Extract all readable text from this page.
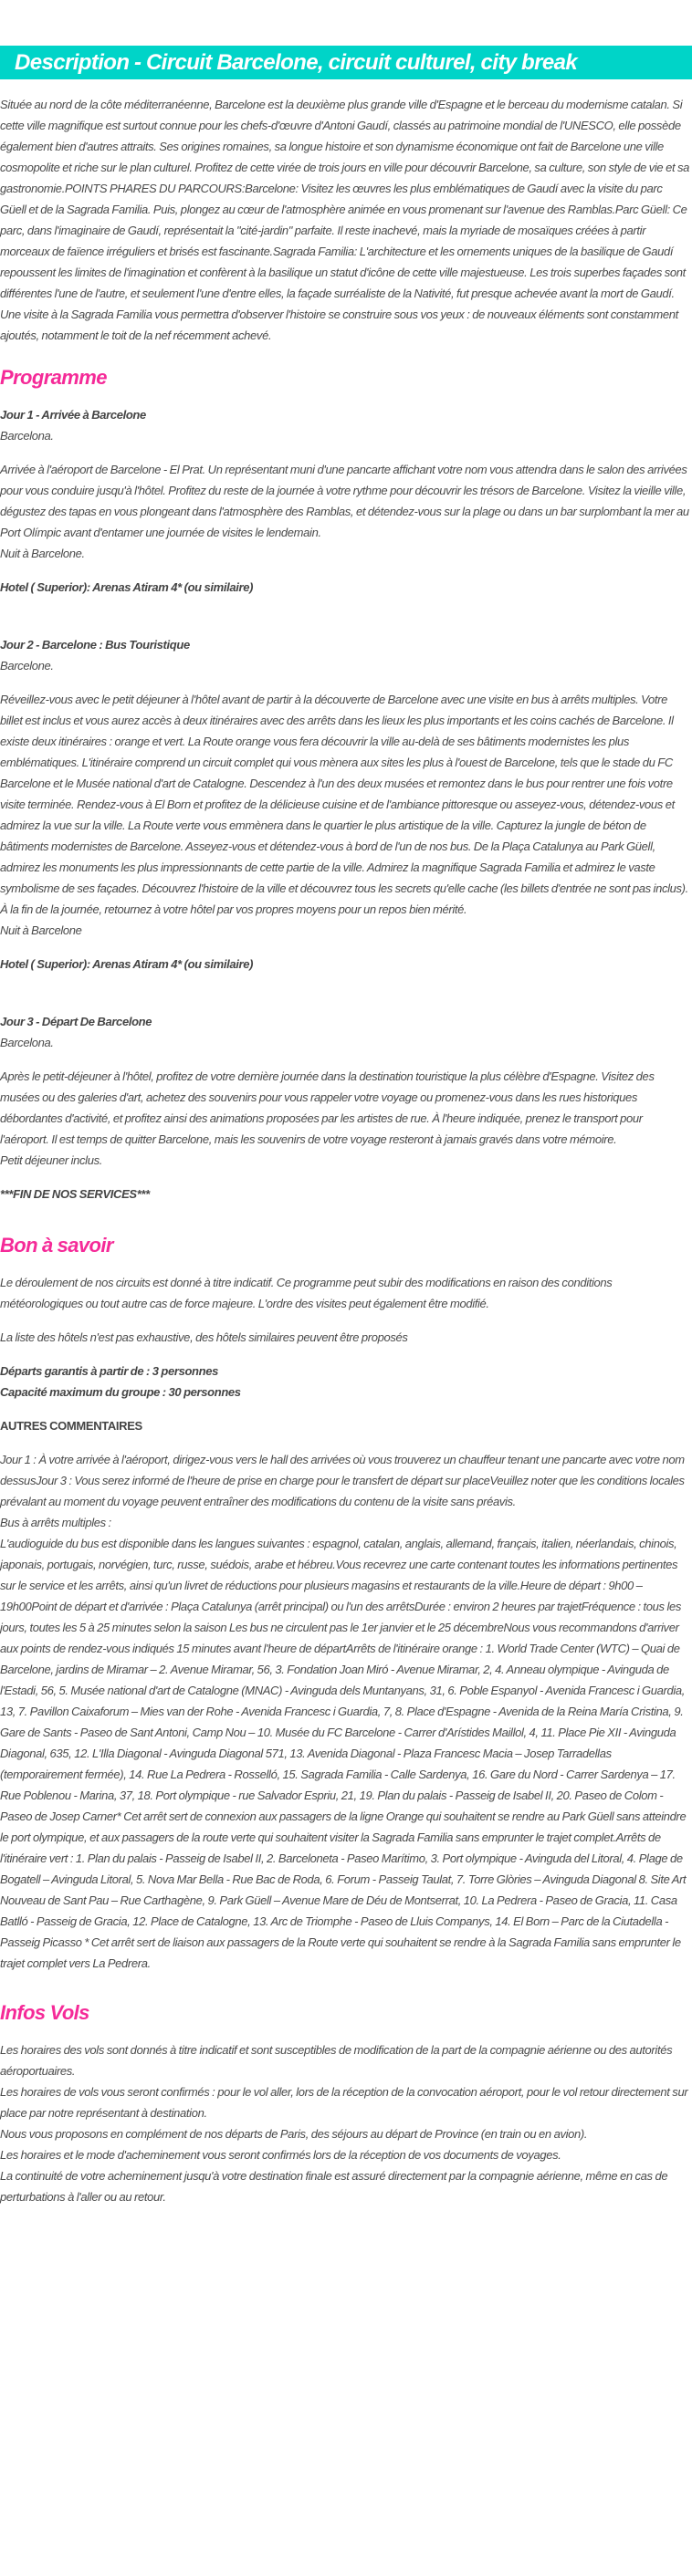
Description - Circuit Barcelone, circuit culturel, city break

Située au nord de la côte méditerranéenne, Barcelone est la deuxième plus grande ville d'Espagne et le berceau du modernisme catalan. Si cette ville magnifique est surtout connue pour les chefs-d'œuvre d'Antoni Gaudí, classés au patrimoine mondial de l'UNESCO, elle possède également bien d'autres attraits. Ses origines romaines, sa longue histoire et son dynamisme économique ont fait de Barcelone une ville cosmopolite et riche sur le plan culturel. Profitez de cette virée de trois jours en ville pour découvrir Barcelone, sa culture, son style de vie et sa gastronomie.POINTS PHARES DU PARCOURS:Barcelone: Visitez les œuvres les plus emblématiques de Gaudí avec la visite du parc Güell et de la Sagrada Familia. Puis, plongez au cœur de l'atmosphère animée en vous promenant sur l'avenue des Ramblas.Parc Güell: Ce parc, dans l'imaginaire de Gaudí, représentait la "cité-jardin" parfaite. Il reste inachevé, mais la myriade de mosaïques créées à partir morceaux de faïence irréguliers et brisés est fascinante.Sagrada Familia: L'architecture et les ornements uniques de la basilique de Gaudí repoussent les limites de l'imagination et confèrent à la basilique un statut d'icône de cette ville majestueuse. Les trois superbes façades sont différentes l'une de l'autre, et seulement l'une d'entre elles, la façade surréaliste de la Nativité, fut presque achevée avant la mort de Gaudí. Une visite à la Sagrada Familia vous permettra d'observer l'histoire se construire sous vos yeux : de nouveaux éléments sont constamment ajoutés, notamment le toit de la nef récemment achevé.

Programme

Jour 1 - Arrivée à Barcelone

Barcelona.

Arrivée à l'aéroport de Barcelone - El Prat. Un représentant muni d'une pancarte affichant votre nom vous attendra dans le salon des arrivées pour vous conduire jusqu'à l'hôtel. Profitez du reste de la journée à votre rythme pour découvrir les trésors de Barcelone. Visitez la vieille ville, dégustez des tapas en vous plongeant dans l'atmosphère des Ramblas, et détendez-vous sur la plage ou dans un bar surplombant la mer au Port Olímpic avant d'entamer une journée de visites le lendemain.

Nuit à Barcelone.

Hotel ( Superior): Arenas Atiram 4* (ou similaire)

Jour 2 - Barcelone : Bus Touristique

Barcelone.

Réveillez-vous avec le petit déjeuner à l'hôtel avant de partir à la découverte de Barcelone avec une visite en bus à arrêts multiples. Votre billet est inclus et vous aurez accès à deux itinéraires avec des arrêts dans les lieux les plus importants et les coins cachés de Barcelone. Il existe deux itinéraires : orange et vert. La Route orange vous fera découvrir la ville au-delà de ses bâtiments modernistes les plus emblématiques. L'itinéraire comprend un circuit complet qui vous mènera aux sites les plus à l'ouest de Barcelone, tels que le stade du FC Barcelone et le Musée national d'art de Catalogne. Descendez à l'un des deux musées et remontez dans le bus pour rentrer une fois votre visite terminée. Rendez-vous à El Born et profitez de la délicieuse cuisine et de l'ambiance pittoresque ou asseyez-vous, détendez-vous et admirez la vue sur la ville. La Route verte vous emmènera dans le quartier le plus artistique de la ville. Capturez la jungle de béton de bâtiments modernistes de Barcelone. Asseyez-vous et détendez-vous à bord de l'un de nos bus. De la Plaça Catalunya au Park Güell, admirez les monuments les plus impressionnants de cette partie de la ville. Admirez la magnifique Sagrada Familia et admirez le vaste symbolisme de ses façades. Découvrez l'histoire de la ville et découvrez tous les secrets qu'elle cache (les billets d'entrée ne sont pas inclus). À la fin de la journée, retournez à votre hôtel par vos propres moyens pour un repos bien mérité.

Nuit à Barcelone

Hotel ( Superior): Arenas Atiram 4* (ou similaire)

Jour 3 - Départ De Barcelone

Barcelona.

Après le petit-déjeuner à l'hôtel, profitez de votre dernière journée dans la destination touristique la plus célèbre d'Espagne. Visitez des musées ou des galeries d'art, achetez des souvenirs pour vous rappeler votre voyage ou promenez-vous dans les rues historiques débordantes d'activité, et profitez ainsi des animations proposées par les artistes de rue. À l'heure indiquée, prenez le transport pour l'aéroport. Il est temps de quitter Barcelone, mais les souvenirs de votre voyage resteront à jamais gravés dans votre mémoire.

Petit déjeuner inclus.

***FIN DE NOS SERVICES***

Bon à savoir

Le déroulement de nos circuits est donné à titre indicatif. Ce programme peut subir des modifications en raison des conditions météorologiques ou tout autre cas de force majeure. L'ordre des visites peut également être modifié.

La liste des hôtels n'est pas exhaustive, des hôtels similaires peuvent être proposés

Départs garantis à partir de : 3 personnes

Capacité maximum du groupe : 30 personnes

AUTRES COMMENTAIRES

Jour 1 : À votre arrivée à l'aéroport, dirigez-vous vers le hall des arrivées où vous trouverez un chauffeur tenant une pancarte avec votre nom dessusJour 3 : Vous serez informé de l'heure de prise en charge pour le transfert de départ sur placeVeuillez noter que les conditions locales prévalant au moment du voyage peuvent entraîner des modifications du contenu de la visite sans préavis.

Bus à arrêts multiples :

L'audioguide du bus est disponible dans les langues suivantes : espagnol, catalan, anglais, allemand, français, italien, néerlandais, chinois, japonais, portugais, norvégien, turc, russe, suédois, arabe et hébreu.Vous recevrez une carte contenant toutes les informations pertinentes sur le service et les arrêts, ainsi qu'un livret de réductions pour plusieurs magasins et restaurants de la ville.Heure de départ : 9h00 – 19h00Point de départ et d'arrivée : Plaça Catalunya (arrêt principal) ou l'un des arrêtsDurée : environ 2 heures par trajetFréquence : tous les jours, toutes les 5 à 25 minutes selon la saison Les bus ne circulent pas le 1er janvier et le 25 décembreNous vous recommandons d'arriver aux points de rendez-vous indiqués 15 minutes avant l'heure de départArrêts de l'itinéraire orange : 1. World Trade Center (WTC) – Quai de Barcelone, jardins de Miramar – 2. Avenue Miramar, 56, 3. Fondation Joan Miró - Avenue Miramar, 2, 4. Anneau olympique - Avinguda de l'Estadi, 56, 5. Musée national d'art de Catalogne (MNAC) - Avinguda dels Muntanyans, 31, 6. Poble Espanyol - Avenida Francesc i Guardia, 13, 7. Pavillon Caixaforum – Mies van der Rohe - Avenida Francesc i Guardia, 7, 8. Place d'Espagne - Avenida de la Reina María Cristina, 9. Gare de Sants - Paseo de Sant Antoni, Camp Nou – 10. Musée du FC Barcelone - Carrer d'Arístides Maillol, 4, 11. Place Pie XII - Avinguda Diagonal, 635, 12. L'Illa Diagonal - Avinguda Diagonal 571, 13. Avenida Diagonal - Plaza Francesc Macia – Josep Tarradellas (temporairement fermée), 14. Rue La Pedrera - Rosselló, 15. Sagrada Familia - Calle Sardenya, 16. Gare du Nord - Carrer Sardenya – 17. Rue Poblenou - Marina, 37, 18. Port olympique - rue Salvador Espriu, 21, 19. Plan du palais - Passeig de Isabel II, 20. Paseo de Colom - Paseo de Josep Carner* Cet arrêt sert de connexion aux passagers de la ligne Orange qui souhaitent se rendre au Park Güell sans atteindre le port olympique, et aux passagers de la route verte qui souhaitent visiter la Sagrada Familia sans emprunter le trajet complet.Arrêts de l'itinéraire vert : 1. Plan du palais - Passeig de Isabel II, 2. Barceloneta - Paseo Marítimo, 3. Port olympique - Avinguda del Litoral, 4. Plage de Bogatell – Avinguda Litoral, 5. Nova Mar Bella - Rue Bac de Roda, 6. Forum - Passeig Taulat, 7. Torre Glòries – Avinguda Diagonal 8. Site Art Nouveau de Sant Pau – Rue Carthagène, 9. Park Güell – Avenue Mare de Déu de Montserrat, 10. La Pedrera - Paseo de Gracia, 11. Casa Batlló - Passeig de Gracia, 12. Place de Catalogne, 13. Arc de Triomphe - Paseo de Lluis Companys, 14. El Born – Parc de la Ciutadella - Passeig Picasso * Cet arrêt sert de liaison aux passagers de la Route verte qui souhaitent se rendre à la Sagrada Familia sans emprunter le trajet complet vers La Pedrera.

Infos Vols

Les horaires des vols sont donnés à titre indicatif et sont susceptibles de modification de la part de la compagnie aérienne ou des autorités aéroportuaires.

Les horaires de vols vous seront confirmés : pour le vol aller, lors de la réception de la convocation aéroport, pour le vol retour directement sur place par notre représentant à destination.

Nous vous proposons en complément de nos départs de Paris, des séjours au départ de Province (en train ou en avion).

Les horaires et le mode d'acheminement vous seront confirmés lors de la réception de vos documents de voyages.

La continuité de votre acheminement jusqu'à votre destination finale est assuré directement par la compagnie aérienne, même en cas de perturbations à l'aller ou au retour.
